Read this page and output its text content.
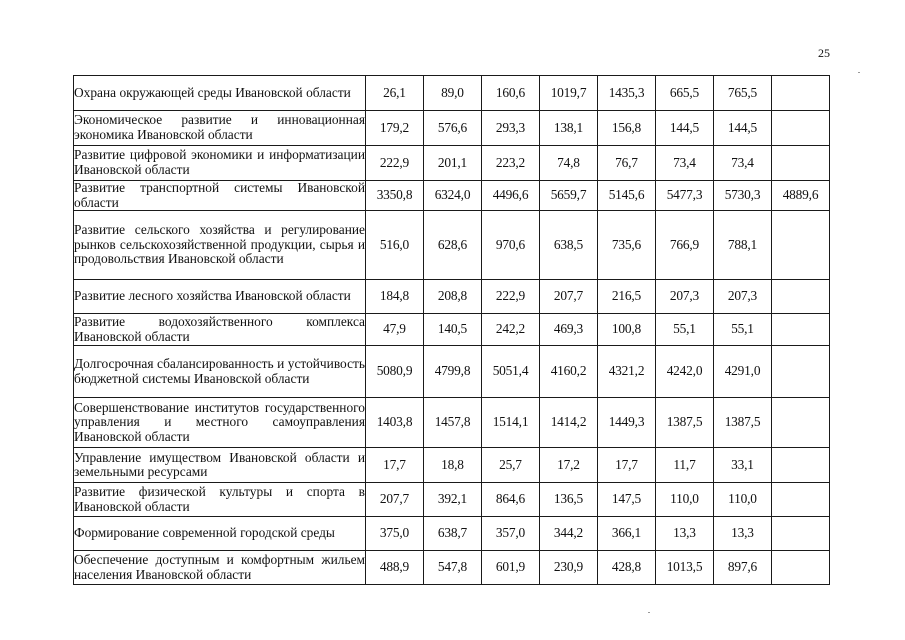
25
Охрана окружающей среды Ивановской области	26,1	89,0	160,6	1019,7	1435,3	665,5	765,5	
Экономическое развитие и инновационная экономика Ивановской области	179,2	576,6	293,3	138,1	156,8	144,5	144,5	
Развитие цифровой экономики и информатизации Ивановской области	222,9	201,1	223,2	74,8	76,7	73,4	73,4	
Развитие транспортной системы Ивановской области	3350,8	6324,0	4496,6	5659,7	5145,6	5477,3	5730,3	4889,6
Развитие сельского хозяйства и регулирование рынков сельскохозяйственной продукции, сырья и продовольствия Ивановской области	516,0	628,6	970,6	638,5	735,6	766,9	788,1	
Развитие лесного хозяйства Ивановской области	184,8	208,8	222,9	207,7	216,5	207,3	207,3	
Развитие водохозяйственного комплекса Ивановской области	47,9	140,5	242,2	469,3	100,8	55,1	55,1	
Долгосрочная сбалансированность и устойчивость бюджетной системы Ивановской области	5080,9	4799,8	5051,4	4160,2	4321,2	4242,0	4291,0	
Совершенствование институтов государственного управления и местного самоуправления Ивановской области	1403,8	1457,8	1514,1	1414,2	1449,3	1387,5	1387,5	
Управление имуществом Ивановской области и земельными ресурсами	17,7	18,8	25,7	17,2	17,7	11,7	33,1	
Развитие физической культуры и спорта в Ивановской области	207,7	392,1	864,6	136,5	147,5	110,0	110,0	
Формирование современной городской среды	375,0	638,7	357,0	344,2	366,1	13,3	13,3	
Обеспечение доступным и комфортным жильем населения Ивановской области	488,9	547,8	601,9	230,9	428,8	1013,5	897,6	
